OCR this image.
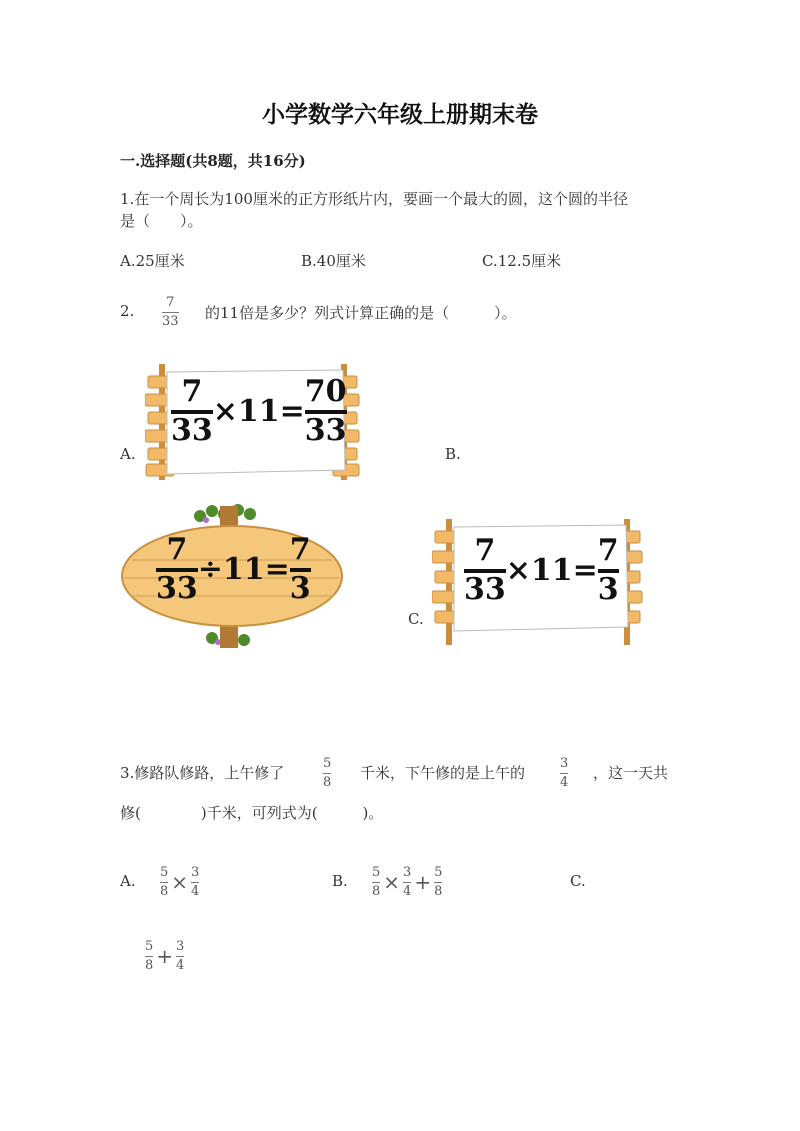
小学数学六年级上册期末卷
一.选择题(共8题，共16分)
1.在一个周长为100厘米的正方形纸片内，要画一个最大的圆，这个圆的半径
是（　　）。
A.25厘米	B.40厘米	C.12.5厘米
2. 7
33 的11倍是多少？列式计算正确的是（　　　）。
A.	B.
C.
7
33
×11=
70
33
7
33
÷11=
7
3
7
33
×11=
7
3
3.修路队修路，上午修了
5
8
千米，下午修的是上午的
3
4
，这一天共
修(　　　　)千米，可列式为(　　　)。
A. $\frac{5}{8} \times \frac{3}{4}$	B. $\frac{5}{8} \times \frac{3}{4} + \frac{5}{8}$	C.
$\frac{5}{8} + \frac{3}{4}$
